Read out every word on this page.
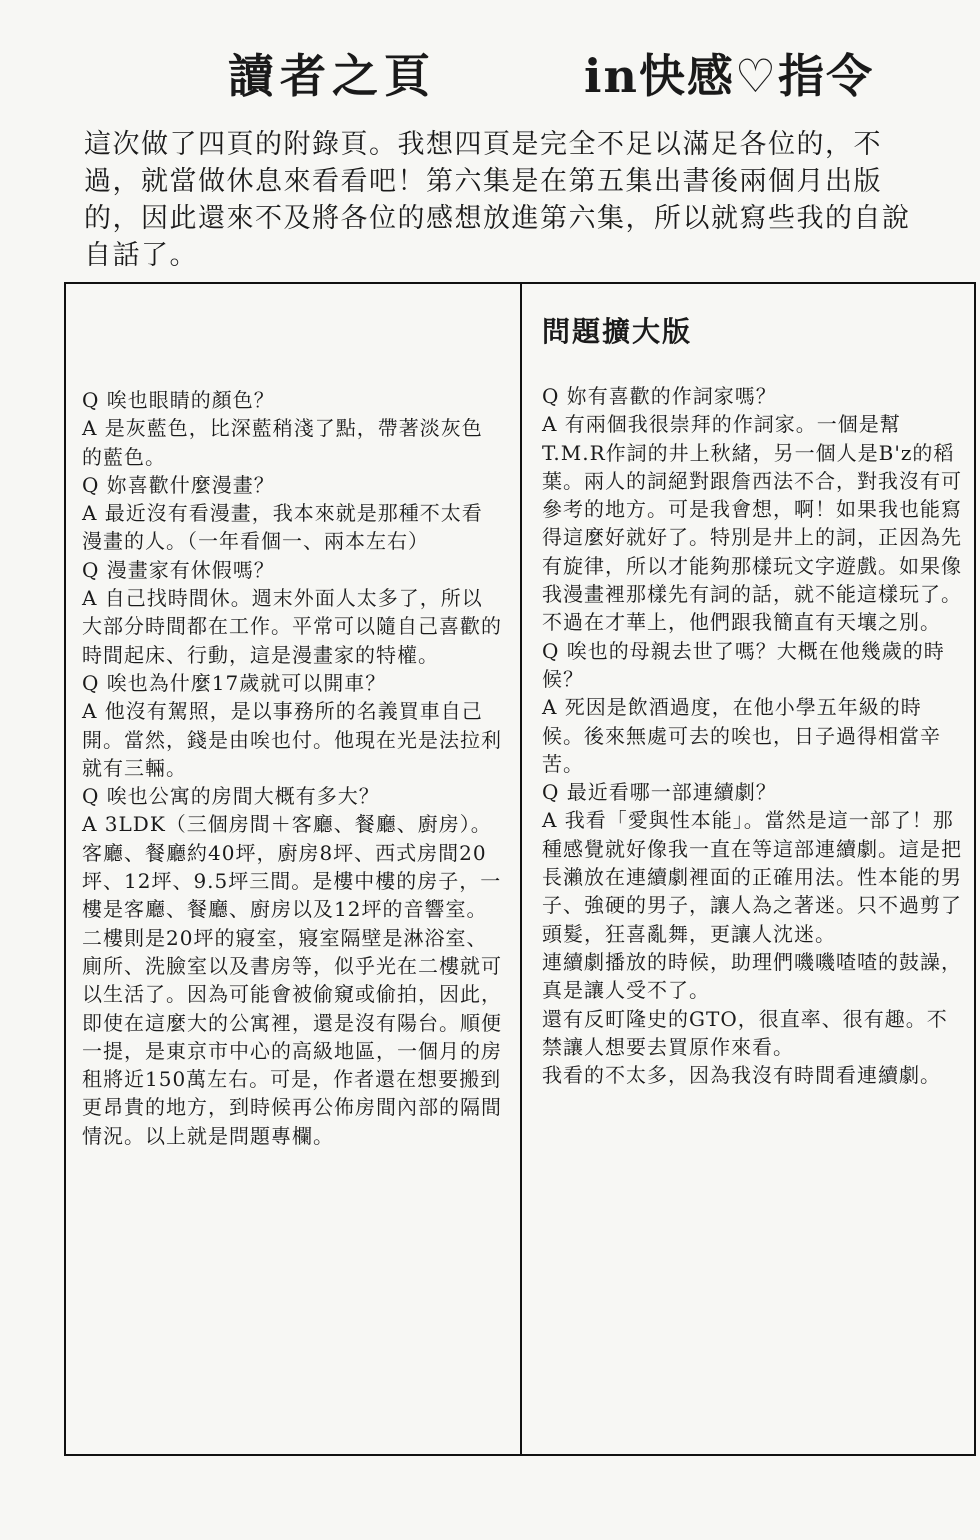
讀者之頁	in快感♡指令
這次做了四頁的附錄頁。我想四頁是完全不足以滿足各位的，不過，就當做休息來看看吧！第六集是在第五集出書後兩個月出版的，因此還來不及將各位的感想放進第六集，所以就寫些我的自說自話了。

Q 唉也眼睛的顏色？

A 是灰藍色，比深藍稍淺了點，帶著淡灰色的藍色。

Q 妳喜歡什麼漫畫？

A 最近沒有看漫畫，我本來就是那種不太看漫畫的人。（一年看個一、兩本左右）

Q 漫畫家有休假嗎？

A 自己找時間休。週末外面人太多了，所以大部分時間都在工作。平常可以隨自己喜歡的時間起床、行動，這是漫畫家的特權。

Q 唉也為什麼17歲就可以開車？

A 他沒有駕照，是以事務所的名義買車自己開。當然，錢是由唉也付。他現在光是法拉利就有三輛。

Q 唉也公寓的房間大概有多大？

A 3LDK（三個房間＋客廳、餐廳、廚房）。客廳、餐廳約40坪，廚房8坪、西式房間20坪、12坪、9.5坪三間。是樓中樓的房子，一樓是客廳、餐廳、廚房以及12坪的音響室。二樓則是20坪的寢室，寢室隔壁是淋浴室、廁所、洗臉室以及書房等，似乎光在二樓就可以生活了。因為可能會被偷窺或偷拍，因此，即使在這麼大的公寓裡，還是沒有陽台。順便一提，是東京市中心的高級地區，一個月的房租將近150萬左右。可是，作者還在想要搬到更昂貴的地方，到時候再公佈房間內部的隔間情況。以上就是問題專欄。

問題擴大版

Q 妳有喜歡的作詞家嗎？

A 有兩個我很崇拜的作詞家。一個是幫T.M.R作詞的井上秋緒，另一個人是B'z的稻葉。兩人的詞絕對跟詹西法不合，對我沒有可參考的地方。可是我會想，啊！如果我也能寫得這麼好就好了。特別是井上的詞，正因為先有旋律，所以才能夠那樣玩文字遊戲。如果像我漫畫裡那樣先有詞的話，就不能這樣玩了。不過在才華上，他們跟我簡直有天壤之別。

Q 唉也的母親去世了嗎？大概在他幾歲的時候？

A 死因是飲酒過度，在他小學五年級的時候。後來無處可去的唉也，日子過得相當辛苦。

Q 最近看哪一部連續劇？

A 我看「愛與性本能」。當然是這一部了！那種感覺就好像我一直在等這部連續劇。這是把長瀨放在連續劇裡面的正確用法。性本能的男子、強硬的男子，讓人為之著迷。只不過剪了頭髮，狂喜亂舞，更讓人沈迷。

連續劇播放的時候，助理們嘰嘰喳喳的鼓譟，真是讓人受不了。

還有反町隆史的GTO，很直率、很有趣。不禁讓人想要去買原作來看。

我看的不太多，因為我沒有時間看連續劇。
